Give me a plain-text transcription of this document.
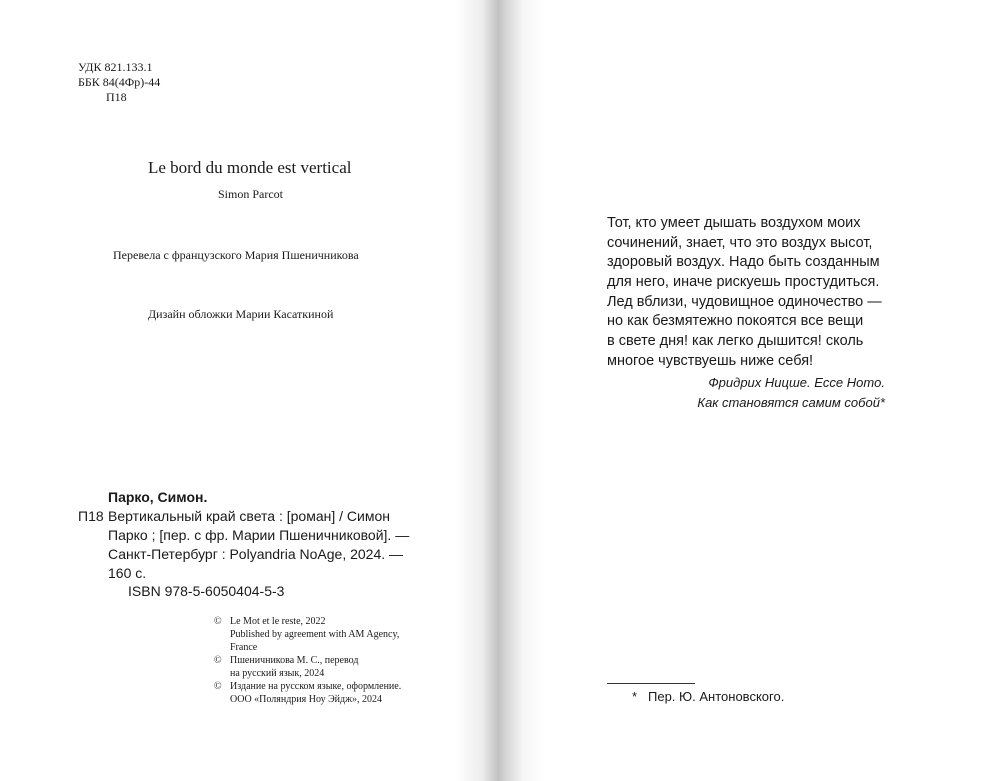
УДК 821.133.1
ББК 84(4Фр)-44
П18
Le bord du monde est vertical
Simon Parcot
Перевела с французского Мария Пшеничникова
Дизайн обложки Марии Касаткиной
Парко, Симон.
П18 Вертикальный край света : [роман] / Симон
Парко ; [пер. с фр. Марии Пшеничниковой]. —
Санкт-Петербург : Polyandria NoAge, 2024. —
160 с.
ISBN 978-5-6050404-5-3
© Le Mot et le reste, 2022
Published by agreement with AM Agency,
France
© Пшеничникова М. С., перевод
на русский язык, 2024
© Издание на русском языке, оформление.
ООО «Поляндрия Ноу Эйдж», 2024
Тот, кто умеет дышать воздухом моих
сочинений, знает, что это воздух высот,
здоровый воздух. Надо быть созданным
для него, иначе рискуешь простудиться.
Лед вблизи, чудовищное одиночество —
но как безмятежно покоятся все вещи
в свете дня! как легко дышится! сколь
многое чувствуешь ниже себя!
Фридрих Ницше. Ecce Homo.
Как становятся самим собой*
* Пер. Ю. Антоновского.
